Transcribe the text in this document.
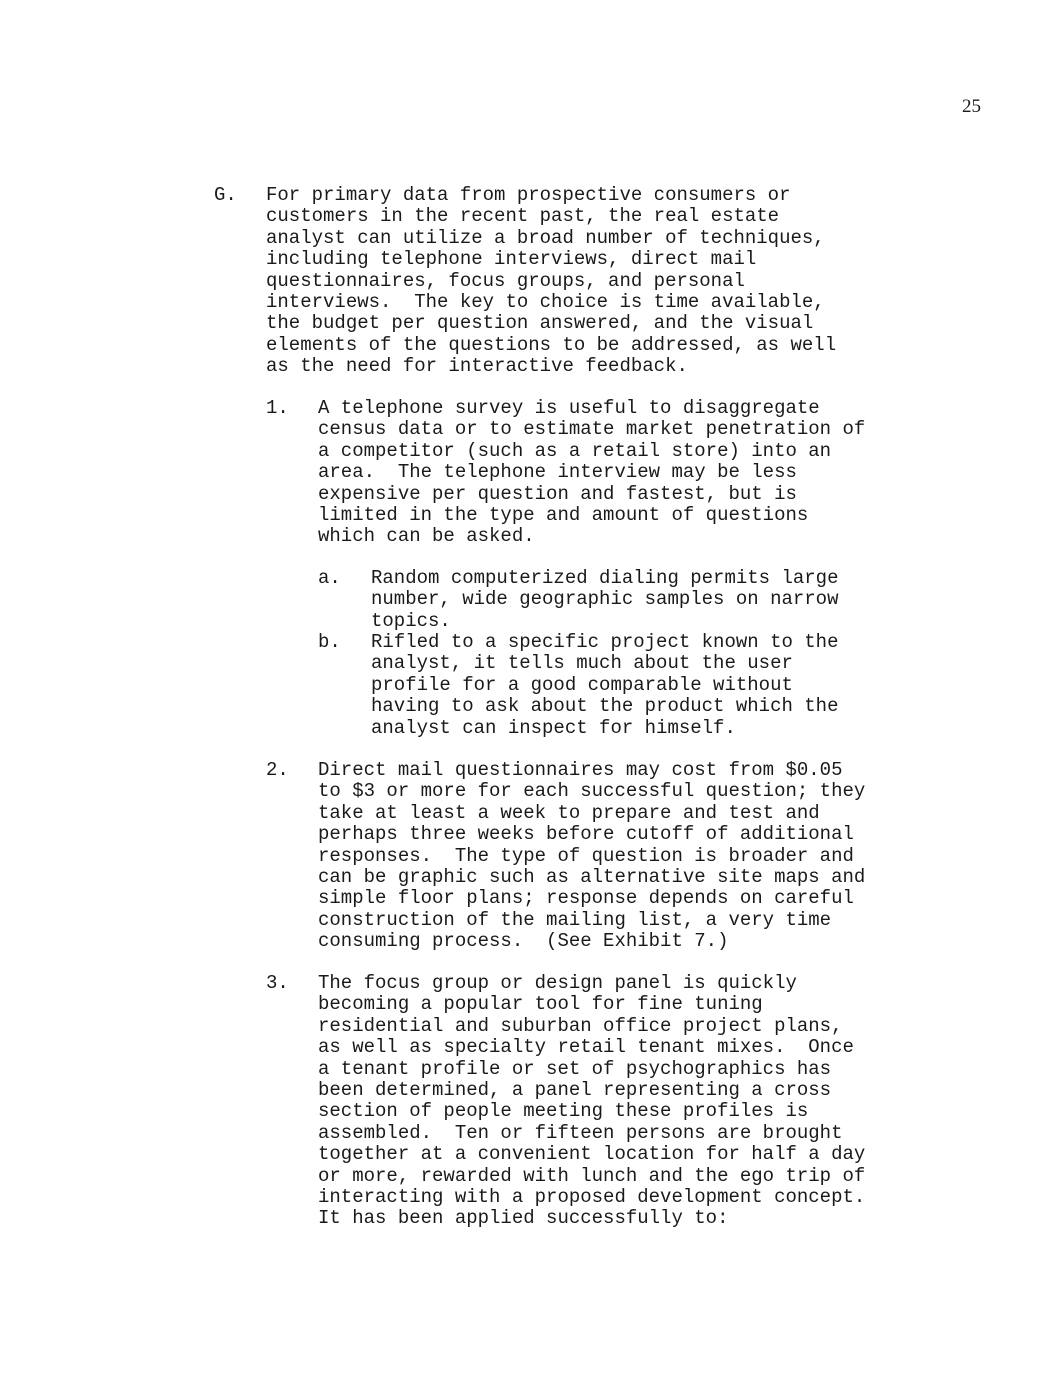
25
G. For primary data from prospective consumers or
customers in the recent past, the real estate
analyst can utilize a broad number of techniques,
including telephone interviews, direct mail
questionnaires, focus groups, and personal
interviews.  The key to choice is time available,
the budget per question answered, and the visual
elements of the questions to be addressed, as well
as the need for interactive feedback.
1. A telephone survey is useful to disaggregate
census data or to estimate market penetration of
a competitor (such as a retail store) into an
area.  The telephone interview may be less
expensive per question and fastest, but is
limited in the type and amount of questions
which can be asked.
a. Random computerized dialing permits large
number, wide geographic samples on narrow
topics.
b. Rifled to a specific project known to the
analyst, it tells much about the user
profile for a good comparable without
having to ask about the product which the
analyst can inspect for himself.
2. Direct mail questionnaires may cost from $0.05
to $3 or more for each successful question; they
take at least a week to prepare and test and
perhaps three weeks before cutoff of additional
responses.  The type of question is broader and
can be graphic such as alternative site maps and
simple floor plans; response depends on careful
construction of the mailing list, a very time
consuming process.  (See Exhibit 7.)
3. The focus group or design panel is quickly
becoming a popular tool for fine tuning
residential and suburban office project plans,
as well as specialty retail tenant mixes.  Once
a tenant profile or set of psychographics has
been determined, a panel representing a cross
section of people meeting these profiles is
assembled.  Ten or fifteen persons are brought
together at a convenient location for half a day
or more, rewarded with lunch and the ego trip of
interacting with a proposed development concept.
It has been applied successfully to:
